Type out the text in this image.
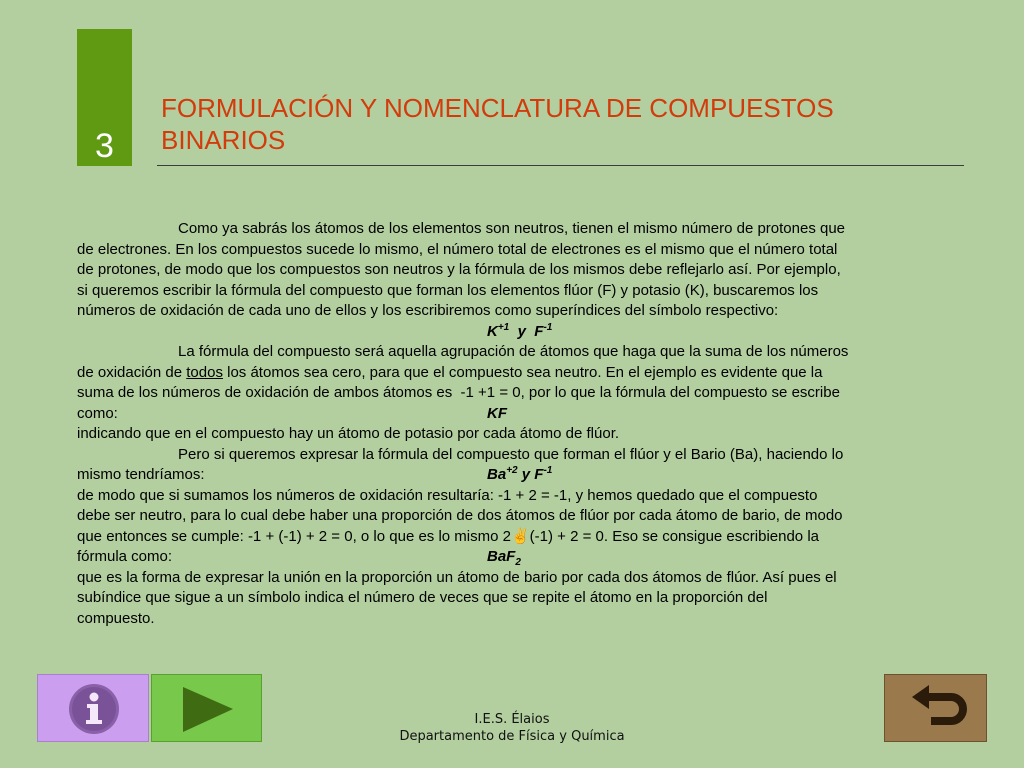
3
FORMULACIÓN Y NOMENCLATURA DE COMPUESTOS
BINARIOS
Como ya sabrás los átomos de los elementos son neutros, tienen el mismo número de protones que
de electrones. En los compuestos sucede lo mismo, el número total de electrones es el mismo que el número total
de protones, de modo que los compuestos son neutros y la fórmula de los mismos debe reflejarlo así. Por ejemplo,
si queremos escribir la fórmula del compuesto que forman los elementos flúor (F) y potasio (K), buscaremos los
números de oxidación de cada uno de ellos y los escribiremos como superíndices del símbolo respectivo:
$K^{+1}$  y  $F^{-1}$
La fórmula del compuesto será aquella agrupación de átomos que haga que la suma de los números
de oxidación de todos los átomos sea cero, para que el compuesto sea neutro. En el ejemplo es evidente que la
suma de los números de oxidación de ambos átomos es  -1 +1 = 0, por lo que la fórmula del compuesto se escribe
como:	KF
indicando que en el compuesto hay un átomo de potasio por cada átomo de flúor.
Pero si queremos expresar la fórmula del compuesto que forman el flúor y el Bario (Ba), haciendo lo
mismo tendríamos:	$Ba^{+2}$ y $F^{-1}$
de modo que si sumamos los números de oxidación resultaría: -1 + 2 = -1, y hemos quedado que el compuesto
debe ser neutro, para lo cual debe haber una proporción de dos átomos de flúor por cada átomo de bario, de modo
que entonces se cumple: -1 + (-1) + 2 = 0, o lo que es lo mismo 2✌(-1) + 2 = 0. Eso se consigue escribiendo la
fórmula como:	BaF$_2$
que es la forma de expresar la unión en la proporción un átomo de bario por cada dos átomos de flúor. Así pues el
subíndice que sigue a un símbolo indica el número de veces que se repite el átomo en la proporción del
compuesto.
I.E.S. Élaios
Departamento de Física y Química
